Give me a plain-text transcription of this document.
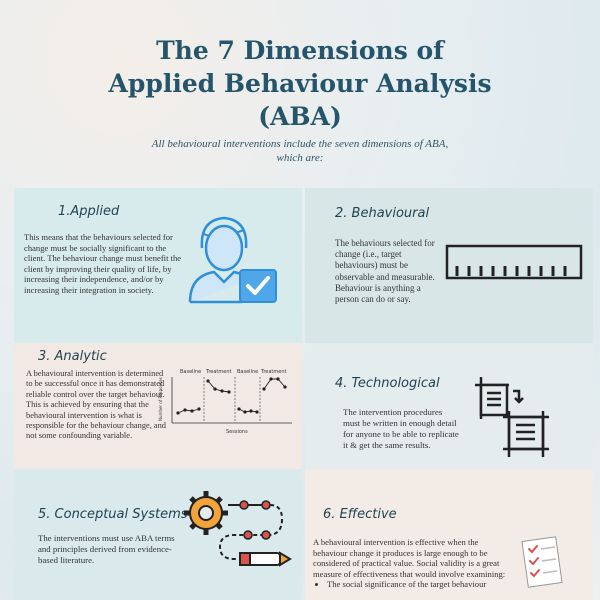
The 7 Dimensions of
Applied Behaviour Analysis
(ABA)
All behavioural interventions include the seven dimensions of ABA, which are:
1.Applied
This means that the behaviours selected for change must be socially significant to the client. The behaviour change must benefit the client by improving their quality of life, by increasing their independence, and/or by increasing their integration in society.
2. Behavioural
The behaviours selected for change (i.e., target behaviours) must be observable and measurable. Behaviour is anything a person can do or say.
3. Analytic
A behavioural intervention is determined to be successful once it has demonstrated reliable control over the target behaviour. This is achieved by ensuring that the behavioural intervention is what is responsible for the behaviour change, and not some confounding variable.
Baseline Treatment Baseline Treatment
Number of Responses
Sessions
4. Technological
The intervention procedures must be written in enough detail for anyone to be able to replicate it & get the same results.
5. Conceptual Systems
The interventions must use ABA terms and principles derived from evidence-based literature.
6. Effective
A behavioural intervention is effective when the behaviour change it produces is large enough to be considered of practical value. Social validity is a great measure of effectiveness that would involve examining:
• The social significance of the target behaviour
